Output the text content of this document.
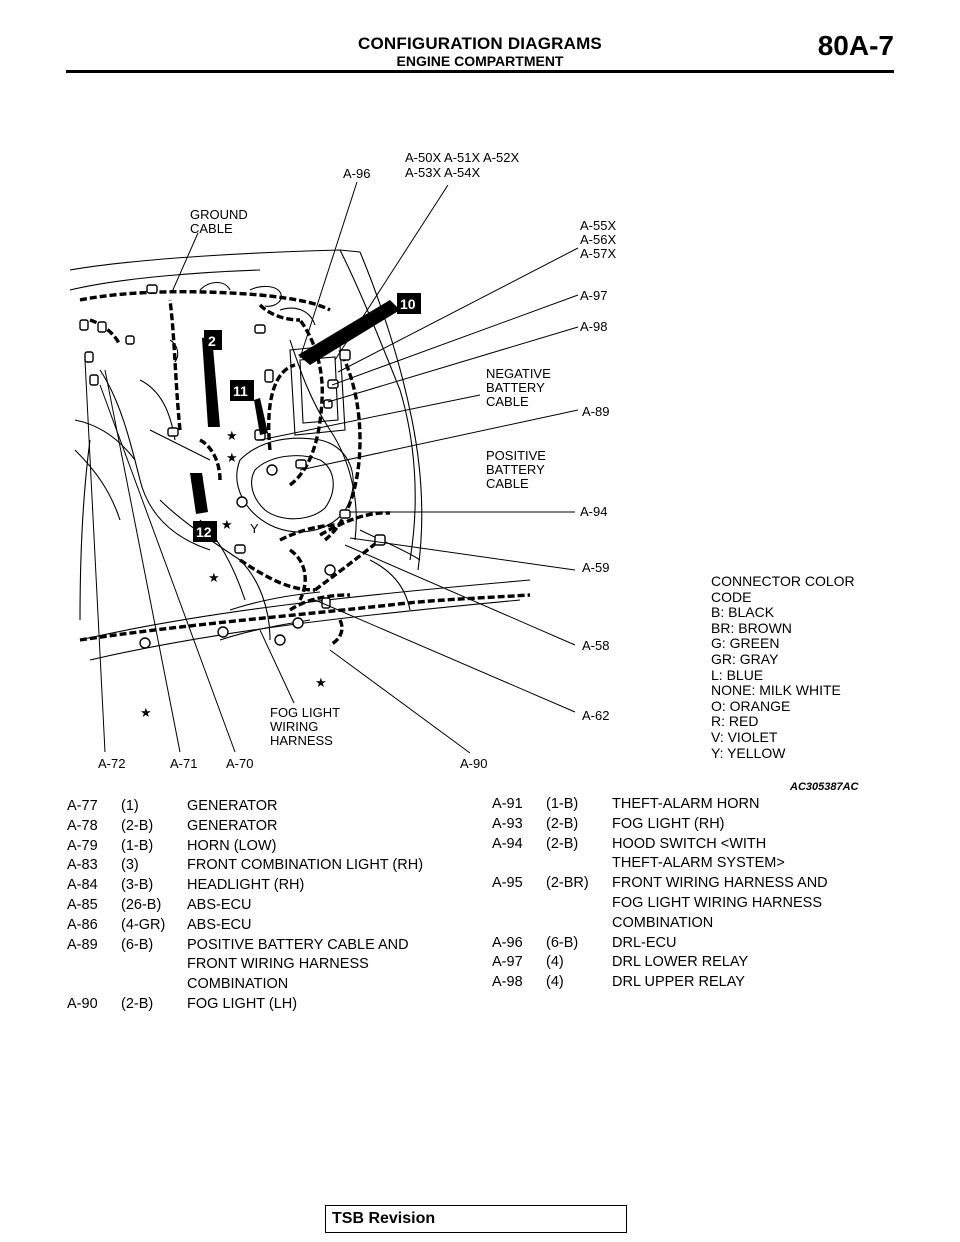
CONFIGURATION DIAGRAMS
ENGINE COMPARTMENT	80A-7
2
10
11
12
★
★
★
★
★
★
Y
GROUND
CABLE
A-96
A-50X A-51X A-52X
A-53X A-54X
A-55X
A-56X
A-57X
A-97
A-98
NEGATIVE
BATTERY
CABLE
A-89
POSITIVE
BATTERY
CABLE
A-94
A-59
A-58
A-62
A-90
FOG LIGHT
WIRING
HARNESS
A-72	A-71 A-70
AC305387AC
CONNECTOR COLOR
CODE
B: BLACK
BR: BROWN
G: GREEN
GR: GRAY
L: BLUE
NONE: MILK WHITE
O: ORANGE
R: RED
V: VIOLET
Y: YELLOW
A-77 (1)	GENERATOR
A-78 (2-B) GENERATOR
A-79 (1-B) HORN (LOW)
A-83 (3)	FRONT COMBINATION LIGHT (RH)
A-84 (3-B) HEADLIGHT (RH)
A-85 (26-B) ABS-ECU
A-86 (4-GR) ABS-ECU
A-89 (6-B) POSITIVE BATTERY CABLE AND
FRONT WIRING HARNESS
COMBINATION
A-90 (2-B) FOG LIGHT (LH)
A-91 (1-B) THEFT-ALARM HORN
A-93 (2-B) FOG LIGHT (RH)
A-94 (2-B) HOOD SWITCH <WITH
THEFT-ALARM SYSTEM>
A-95 (2-BR) FRONT WIRING HARNESS AND
FOG LIGHT WIRING HARNESS
COMBINATION
A-96 (6-B) DRL-ECU
A-97 (4)	DRL LOWER RELAY
A-98 (4)	DRL UPPER RELAY
TSB Revision
